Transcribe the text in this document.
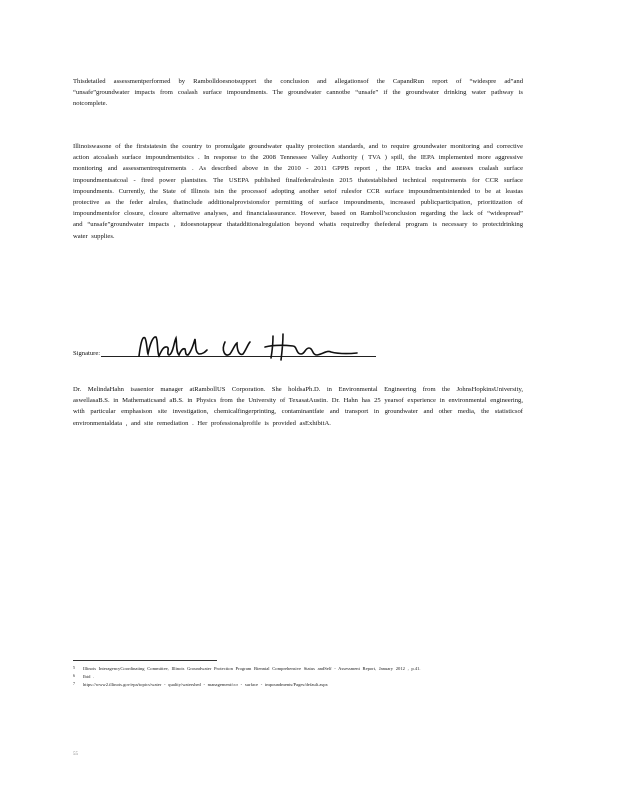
Thisdetailed assessmentperformed by Rambolldoesnotsupport the conclusion and allegationsof the CapandRun report of “widespre ad”and “unsafe”groundwater impacts from coalash surface impoundments. The groundwater cannotbe “unsafe” if the groundwater drinking water pathway is notcomplete.
Illinoiswasone of the firststatesin the country to promulgate groundwater quality protection standards, and to require groundwater monitoring and corrective action atcoalash surface impoundmentsitcs . In response to the 2008 Tennessee Valley Authority ( TVA ) spill, the IEPA implemented more aggressive monitoring and assessmentrequirements . As described above in the 2010 - 2011 GPPB report , the IEPA tracks and assesses coalash surface impoundmentsatcoal - fired power plantsites. The USEPA published finalfederalrulesin 2015 thatestablished technical requirements for CCR surface impoundments. Currently, the State of Illinois isin the processof adopting another setof rulesfor CCR surface impoundmentsintended to be at leastas protective as the feder alrules, thatinclude additionalprovisionsfor permitting of surface impoundments, increased publicparticipation, prioritization of impoundmentsfor closure, closure alternative analyses, and financialassurance. However, based on Ramboll’sconclusion regarding the lack of “widespread” and “unsafe”groundwater impacts , itdoesnotappear thatadditionalregulation beyond whatis requiredby thefederal program is necessary to protectdrinking water supplies.
Signature:
Dr. MelindaHahn isasenior manager atRambollUS Corporation. She holdsaPh.D. in Environmental Engineering from the JohnsHopkinsUniversity, aswellasaB.S. in Mathematicsand aB.S. in Physics from the University of TexasatAustin. Dr. Hahn has 25 yearsof experience in environmental engineering, with particular emphasison site investigation, chemicalfingerprinting, contaminantfate and transport in groundwater and other media, the statisticsof environmentaldata , and site remediation . Her professionalprofile is provided asExhibitA.
5 Illinois InteragencyCoordinating Committee, Illinois Groundwater Protection Program Biennial Comprehensive Status andSelf - Assessment Report, January 2012 , p.41.
6 Ibid .
7 https://www2.illinois.gov/epa/topics/water - quality/watershed - management/ccr - surface - impoundments/Pages/default.aspx
55
